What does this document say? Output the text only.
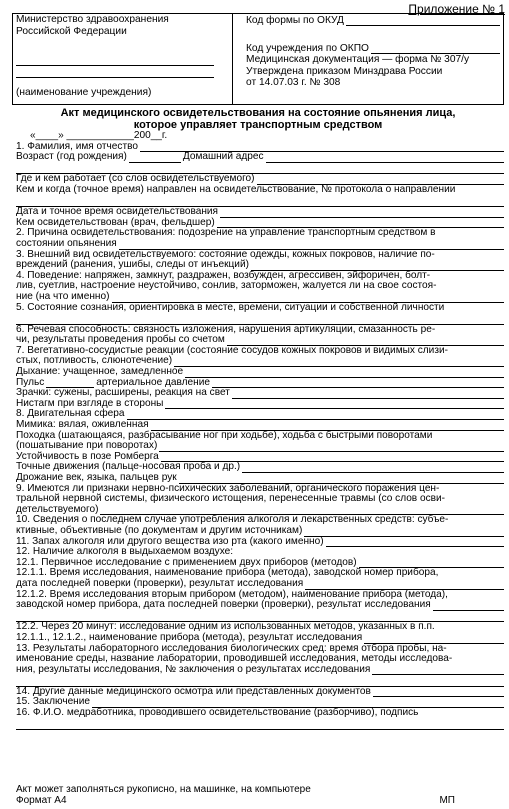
Приложение № 1
Министерство здравоохранения
Российской Федерации
(наименование учреждения)
Код формы по ОКУД
Код учреждения по ОКПО
Медицинская документация — форма № 307/у
Утверждена приказом Минздрава России
от 14.07.03 г. № 308
Акт медицинского освидетельствования на состояние опьянения лица,
которое управляет транспортным средством
«____» ____________200__г.
1. Фамилия, имя отчество
Возраст (год рождения)	Домашний адрес
Где и кем работает (со слов освидетельствуемого)
Кем и когда (точное время) направлен на освидетельствование, № протокола о направлении
Дата и точное время освидетельствования
Кем освидетельствован (врач, фельдшер)
2. Причина освидетельствования: подозрение на управление транспортным средством в
состоянии опьянения
3. Внешний вид освидетельствуемого: состояние одежды, кожных покровов, наличие по-
вреждений (ранения, ушибы, следы от инъекций)
4. Поведение: напряжен, замкнут, раздражен, возбужден, агрессивен, эйфоричен, болт-
лив, суетлив, настроение неустойчиво, сонлив, заторможен, жалуется ли на свое состоя-
ние (на что именно)
5. Состояние сознания, ориентировка в месте, времени, ситуации и собственной личности
6. Речевая способность: связность изложения, нарушения артикуляции, смазанность ре-
чи, результаты проведения пробы со счетом
7. Вегетативно-сосудистые реакции (состояние сосудов кожных покровов и видимых слизи-
стых, потливость, слюнотечение)
Дыхание: учащенное, замедленное
Пульс	артериальное давление
Зрачки: сужены, расширены, реакция на свет
Нистагм при взгляде в стороны
8. Двигательная сфера
Мимика: вялая, оживленная
Походка (шатающаяся, разбрасывание ног при ходьбе), ходьба с быстрыми поворотами
(пошатывание при поворотах)
Устойчивость в позе Ромберга
Точные движения (пальце-носовая проба и др.)
Дрожание век, языка, пальцев рук
9. Имеются ли признаки нервно-психических заболеваний, органического поражения цен-
тральной нервной системы, физического истощения, перенесенные травмы (со слов осви-
детельствуемого)
10. Сведения о последнем случае употребления алкоголя и лекарственных средств: субъе-
ктивные, объективные (по документам и другим источникам)
11. Запах алкоголя или другого вещества изо рта (какого именно)
12. Наличие алкоголя в выдыхаемом воздухе:
12.1. Первичное исследование с применением двух приборов (методов)
12.1.1. Время исследования, наименование прибора (метода), заводской номер прибора,
дата последней поверки (проверки), результат исследования
12.1.2. Время исследования вторым прибором (методом), наименование прибора (метода),
заводской номер прибора, дата последней поверки (проверки), результат исследования
12.2. Через 20 минут: исследование одним из использованных методов, указанных в п.п.
12.1.1., 12.1.2., наименование прибора (метода), результат исследования
13. Результаты лабораторного исследования биологических сред: время отбора пробы, на-
именование среды, название лаборатории, проводившей исследования, методы исследова-
ния, результаты исследования, № заключения о результатах исследования
14. Другие данные медицинского осмотра или представленных документов
15. Заключение
16. Ф.И.О. медработника, проводившего освидетельствование (разборчиво), подпись
Акт может заполняться рукописно, на машинке, на компьютере
Формат А4	МП
